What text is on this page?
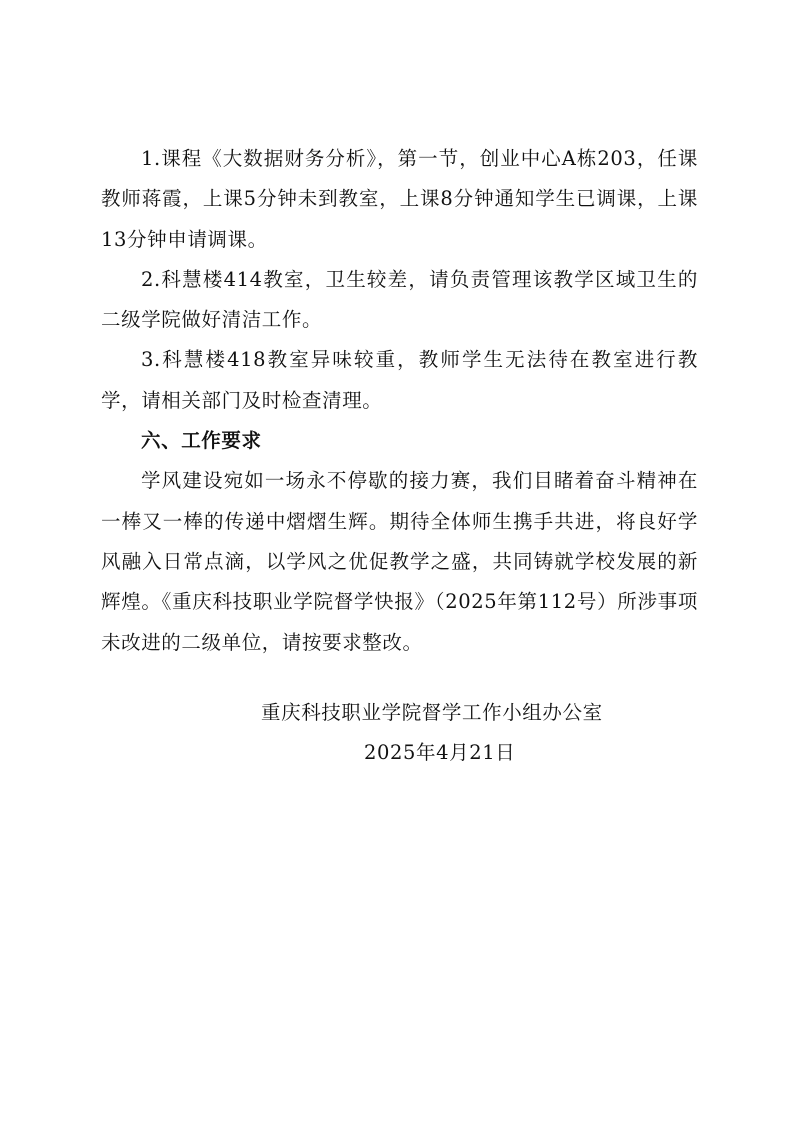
1.课程《大数据财务分析》，第一节，创业中心A栋203，任课教师蒋霞，上课5分钟未到教室，上课8分钟通知学生已调课，上课13分钟申请调课。

2.科慧楼414教室，卫生较差，请负责管理该教学区域卫生的二级学院做好清洁工作。

3.科慧楼418教室异味较重，教师学生无法待在教室进行教学，请相关部门及时检查清理。

六、工作要求

学风建设宛如一场永不停歇的接力赛，我们目睹着奋斗精神在一棒又一棒的传递中熠熠生辉。期待全体师生携手共进，将良好学风融入日常点滴，以学风之优促教学之盛，共同铸就学校发展的新辉煌。《重庆科技职业学院督学快报》（2025年第112号）所涉事项未改进的二级单位，请按要求整改。

重庆科技职业学院督学工作小组办公室
2025年4月21日
